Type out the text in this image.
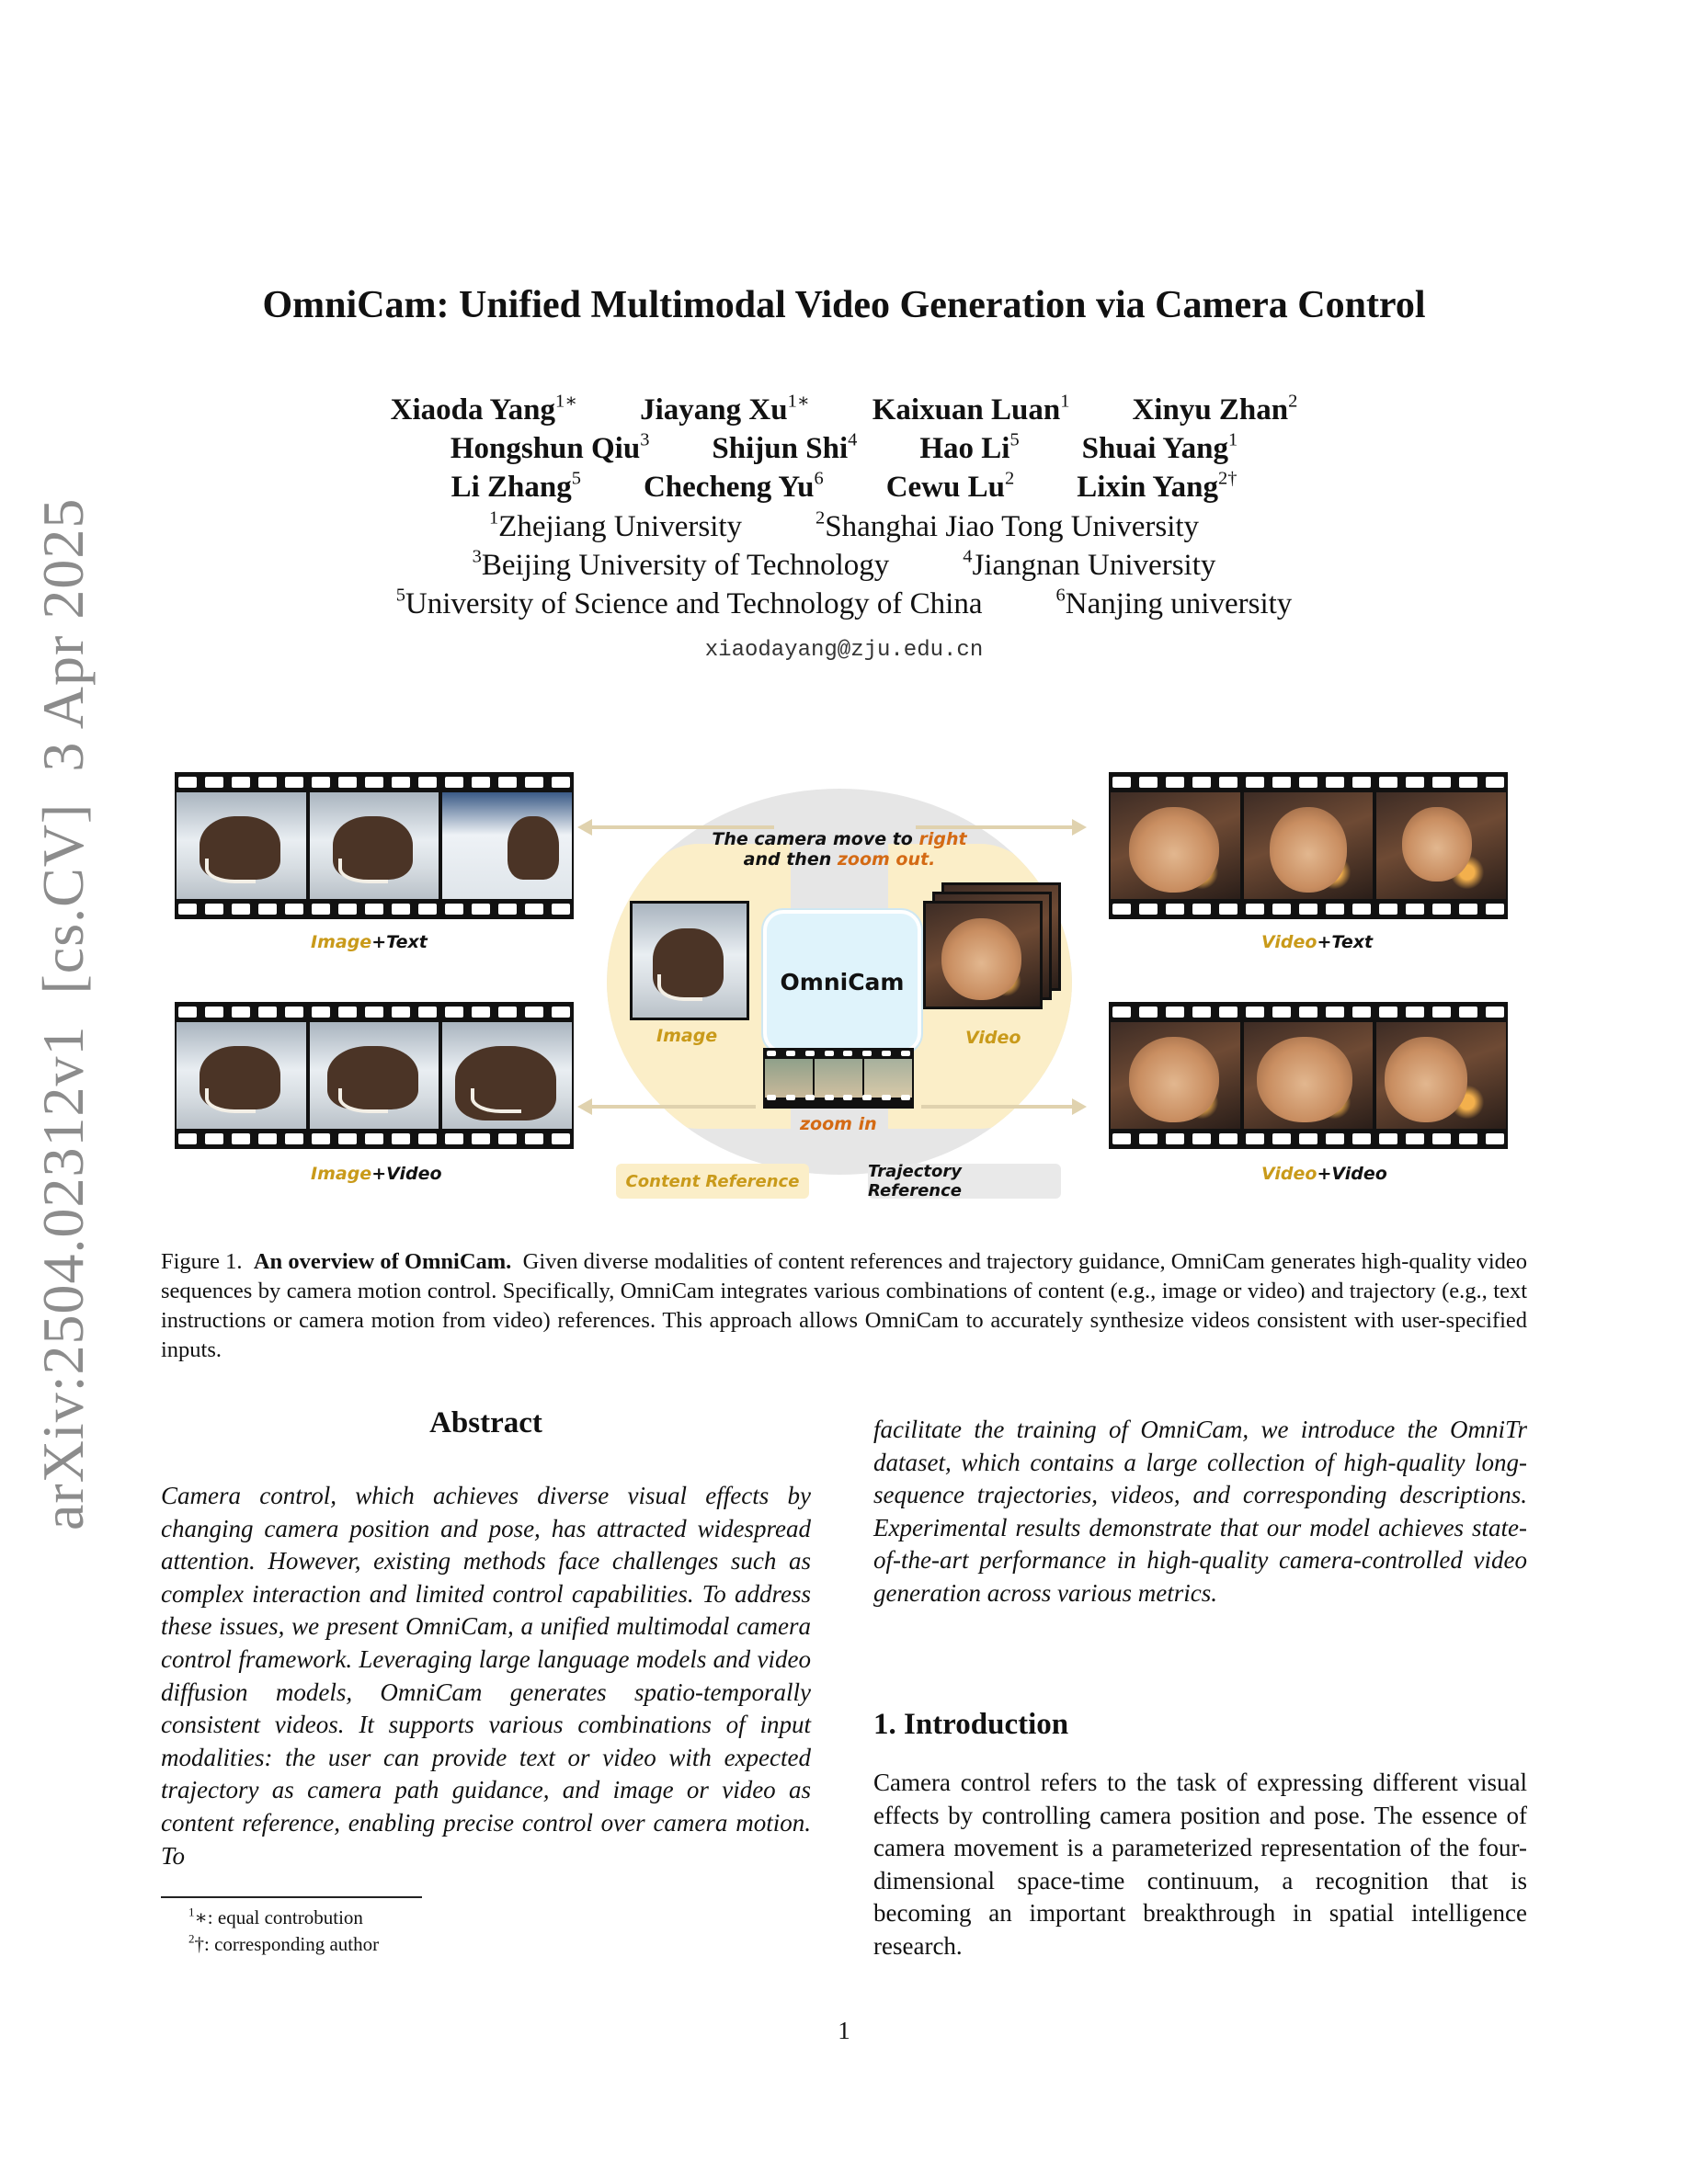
arXiv:2504.02312v1  [cs.CV]  3 Apr 2025
OmniCam: Unified Multimodal Video Generation via Camera Control
Xiaoda Yang$^{1∗}$ Jiayang $Xu^{1∗}$ Kaixuan Luan$^1$ Xinyu Zhan$^2$
Hongshun Qiu$^3$ Shijun Shi$^4$ Hao Li$^5$ Shuai Yang$^1$
Li Zhang$^5$ Checheng Yu$^6$ Cewu Lu$^2$ Lixin Yang$^{2\dagger}$
$^1$Zhejiang University	$^2$Shanghai Jiao Tong University
$^3$Beijing University of Technology	$^4$Jiangnan University
$^5$University of Science and Technology of China	$^6$Nanjing university
xiaodayang@zju.edu.cn
The camera move to right
and then zoom out.
OmniCam
Image	Video
zoom in
Content Reference	Trajectory Reference
Image+Text
Image+Video
Video+Text
Video+Video
Figure 1. An overview of OmniCam. Given diverse modalities of content references and trajectory guidance, OmniCam generates high-quality video sequences by camera motion control. Specifically, OmniCam integrates various combinations of content (e.g., image or video) and trajectory (e.g., text instructions or camera motion from video) references. This approach allows OmniCam to accurately synthesize videos consistent with user-specified inputs.
Abstract
Camera control, which achieves diverse visual effects by changing camera position and pose, has attracted widespread attention. However, existing methods face challenges such as complex interaction and limited control capabilities. To address these issues, we present OmniCam, a unified multimodal camera control framework. Leveraging large language models and video diffusion models, OmniCam generates spatio-temporally consistent videos. It supports various combinations of input modalities: the user can provide text or video with expected trajectory as camera path guidance, and image or video as content reference, enabling precise control over camera motion. To
facilitate the training of OmniCam, we introduce the OmniTr dataset, which contains a large collection of high-quality long-sequence trajectories, videos, and corresponding descriptions. Experimental results demonstrate that our model achieves state-of-the-art performance in high-quality camera-controlled video generation across various metrics.
1. Introduction
Camera control refers to the task of expressing different visual effects by controlling camera position and pose. The essence of camera movement is a parameterized representation of the four-dimensional space-time continuum, a recognition that is becoming an important breakthrough in spatial intelligence research.
$^1$∗: equal controbution
$^2$†: corresponding author
1
